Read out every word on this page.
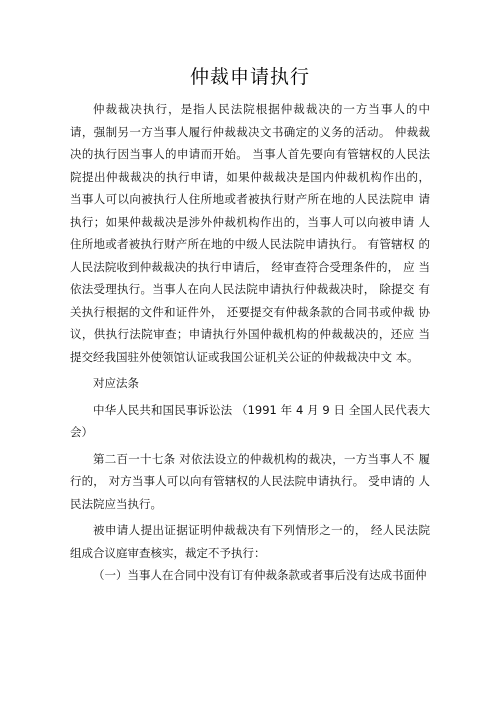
仲裁申请执行

仲裁裁决执行，是指人民法院根据仲裁裁决的一方当事人的中 请，强制另一方当事人履行仲裁裁决文书确定的义务的活动。 仲裁裁 决的执行因当事人的申请而开始。 当事人首先要向有管辖权的人民法 院提出仲裁裁决的执行申请，如果仲裁裁决是国内仲裁机构作出的， 当事人可以向被执行人住所地或者被执行财产所在地的人民法院申 请执行；如果仲裁裁决是涉外仲裁机构作出的，当事人可以向被申请 人住所地或者被执行财产所在地的中级人民法院申请执行。 有管辖权 的人民法院收到仲裁裁决的执行申请后， 经审查符合受理条件的， 应 当依法受理执行。当事人在向人民法院申请执行仲裁裁决时， 除提交 有关执行根据的文件和证件外， 还要提交有仲裁条款的合同书或仲裁 协议，供执行法院审查；申请执行外国仲裁机构的仲裁裁决的，还应 当提交经我国驻外使领馆认证或我国公证机关公证的仲裁裁决中文 本。

对应法条

中华人民共和国民事诉讼法 （1991 年 4 月 9 日 全国人民代表大会）

第二百一十七条 对依法设立的仲裁机构的裁决，一方当事人不 履行的， 对方当事人可以向有管辖权的人民法院申请执行。 受申请的 人民法院应当执行。

被申请人提出证据证明仲裁裁决有下列情形之一的， 经人民法院组成合议庭审查核实，裁定不予执行：

（一）当事人在合同中没有订有仲裁条款或者事后没有达成书面仲
